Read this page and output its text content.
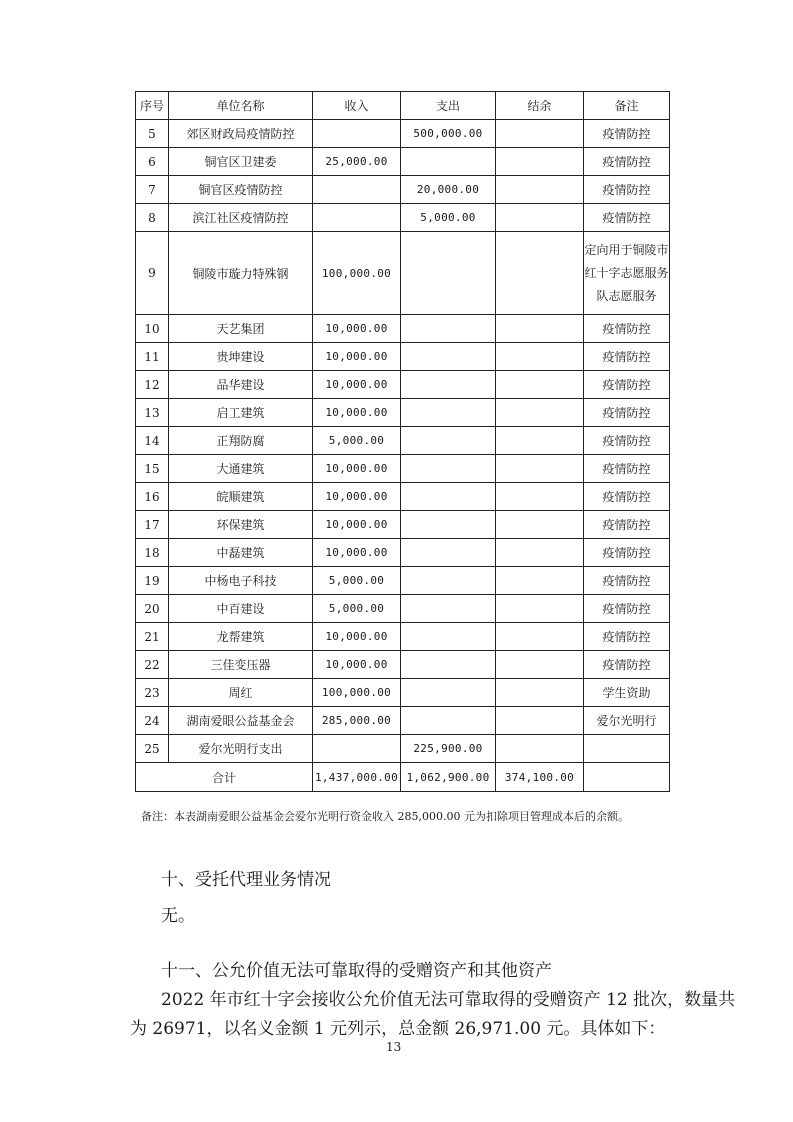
序号	单位名称	收入	支出	结余	备注
5	郊区财政局疫情防控		500,000.00		疫情防控
6	铜官区卫建委	25,000.00			疫情防控
7	铜官区疫情防控		20,000.00		疫情防控
8	滨江社区疫情防控		5,000.00		疫情防控
9	铜陵市璇力特殊钢	100,000.00			定向用于铜陵市红十字志愿服务队志愿服务
10	天艺集团	10,000.00			疫情防控
11	贵坤建设	10,000.00			疫情防控
12	品华建设	10,000.00			疫情防控
13	启工建筑	10,000.00			疫情防控
14	正翔防腐	5,000.00			疫情防控
15	大通建筑	10,000.00			疫情防控
16	皖顺建筑	10,000.00			疫情防控
17	环保建筑	10,000.00			疫情防控
18	中磊建筑	10,000.00			疫情防控
19	中杨电子科技	5,000.00			疫情防控
20	中百建设	5,000.00			疫情防控
21	龙帮建筑	10,000.00			疫情防控
22	三佳变压器	10,000.00			疫情防控
23	周红	100,000.00			学生资助
24	湖南爱眼公益基金会	285,000.00			爱尔光明行
25	爱尔光明行支出		225,900.00		
合计		1,437,000.00	1,062,900.00	374,100.00	
备注：本表湖南爱眼公益基金会爱尔光明行资金收入 285,000.00 元为扣除项目管理成本后的余额。
十、受托代理业务情况
无。
十一、公允价值无法可靠取得的受赠资产和其他资产
2022 年市红十字会接收公允价值无法可靠取得的受赠资产 12 批次，数量共
为 26971，以名义金额 1 元列示，总金额 26,971.00 元。具体如下：
13
